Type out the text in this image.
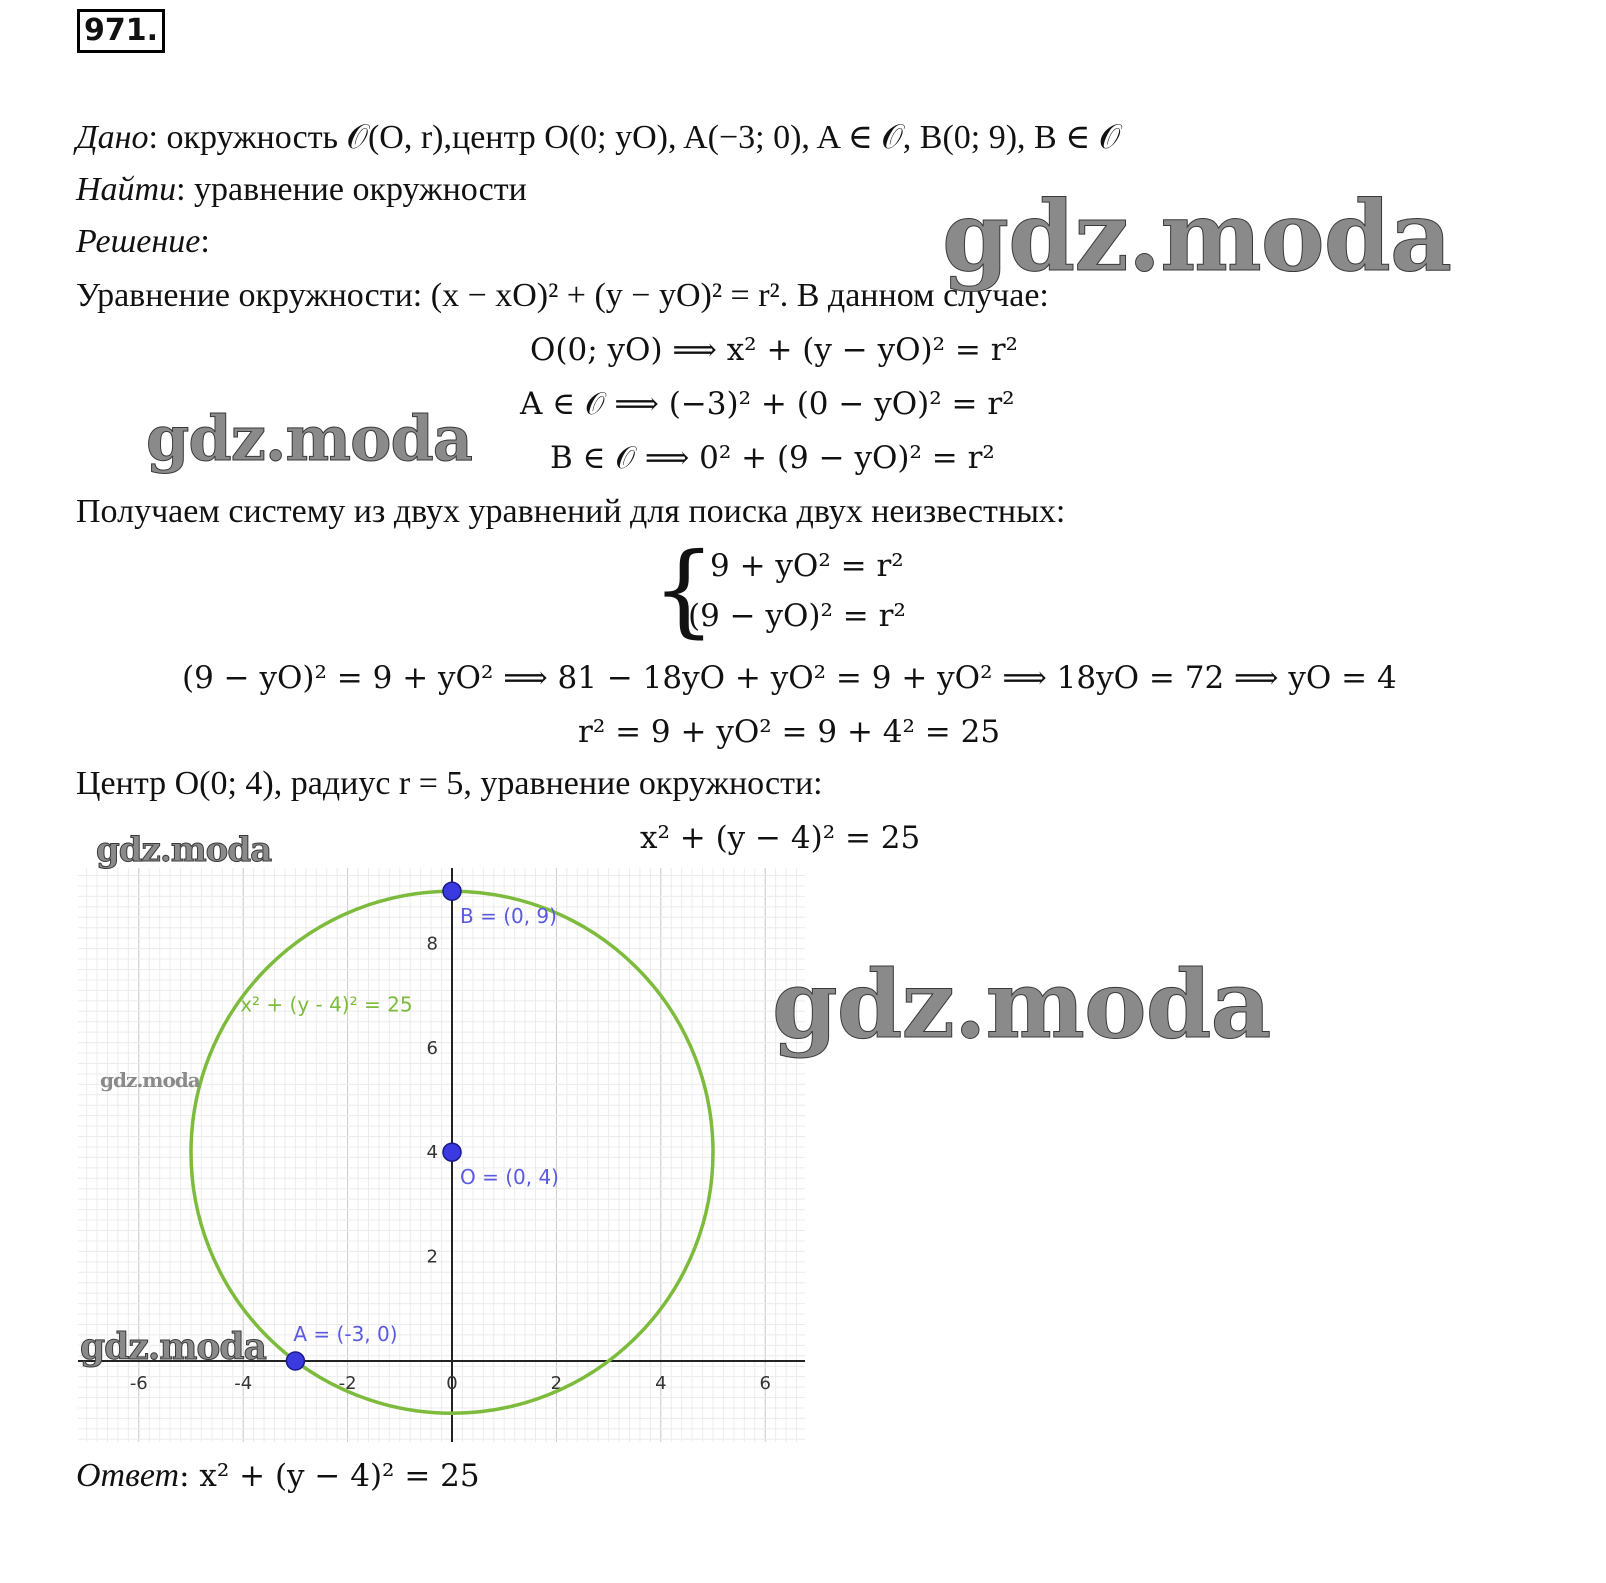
971.
Дано: окружность 𝒪(O, r),центр O(0; yO), A(−3; 0), A ∈ 𝒪, B(0; 9), B ∈ 𝒪
Найти: уравнение окружности
Решение:
Уравнение окружности: (x − xO)² + (y − yO)² = r². В данном случае:
O(0; yO) ⟹ x² + (y − yO)² = r²
A ∈ 𝒪 ⟹ (−3)² + (0 − yO)² = r²
B ∈ 𝒪 ⟹ 0² + (9 − yO)² = r²
Получаем систему из двух уравнений для поиска двух неизвестных:
{
9 + yO² = r²
(9 − yO)² = r²
(9 − yO)² = 9 + yO² ⟹ 81 − 18yO + yO² = 9 + yO² ⟹ 18yO = 72 ⟹ yO = 4
r² = 9 + yO² = 9 + 4² = 25
Центр O(0; 4), радиус r = 5, уравнение окружности:
x² + (y − 4)² = 25
-6	-4	-2	0	2	4	6
2
4
6
8
x² + (y - 4)² = 25
A = (-3, 0)
B = (0, 9)
O = (0, 4)
Ответ: x² + (y − 4)² = 25
gdz.moda
gdz.moda
gdz.moda
gdz.moda
gdz.moda
gdz.moda
